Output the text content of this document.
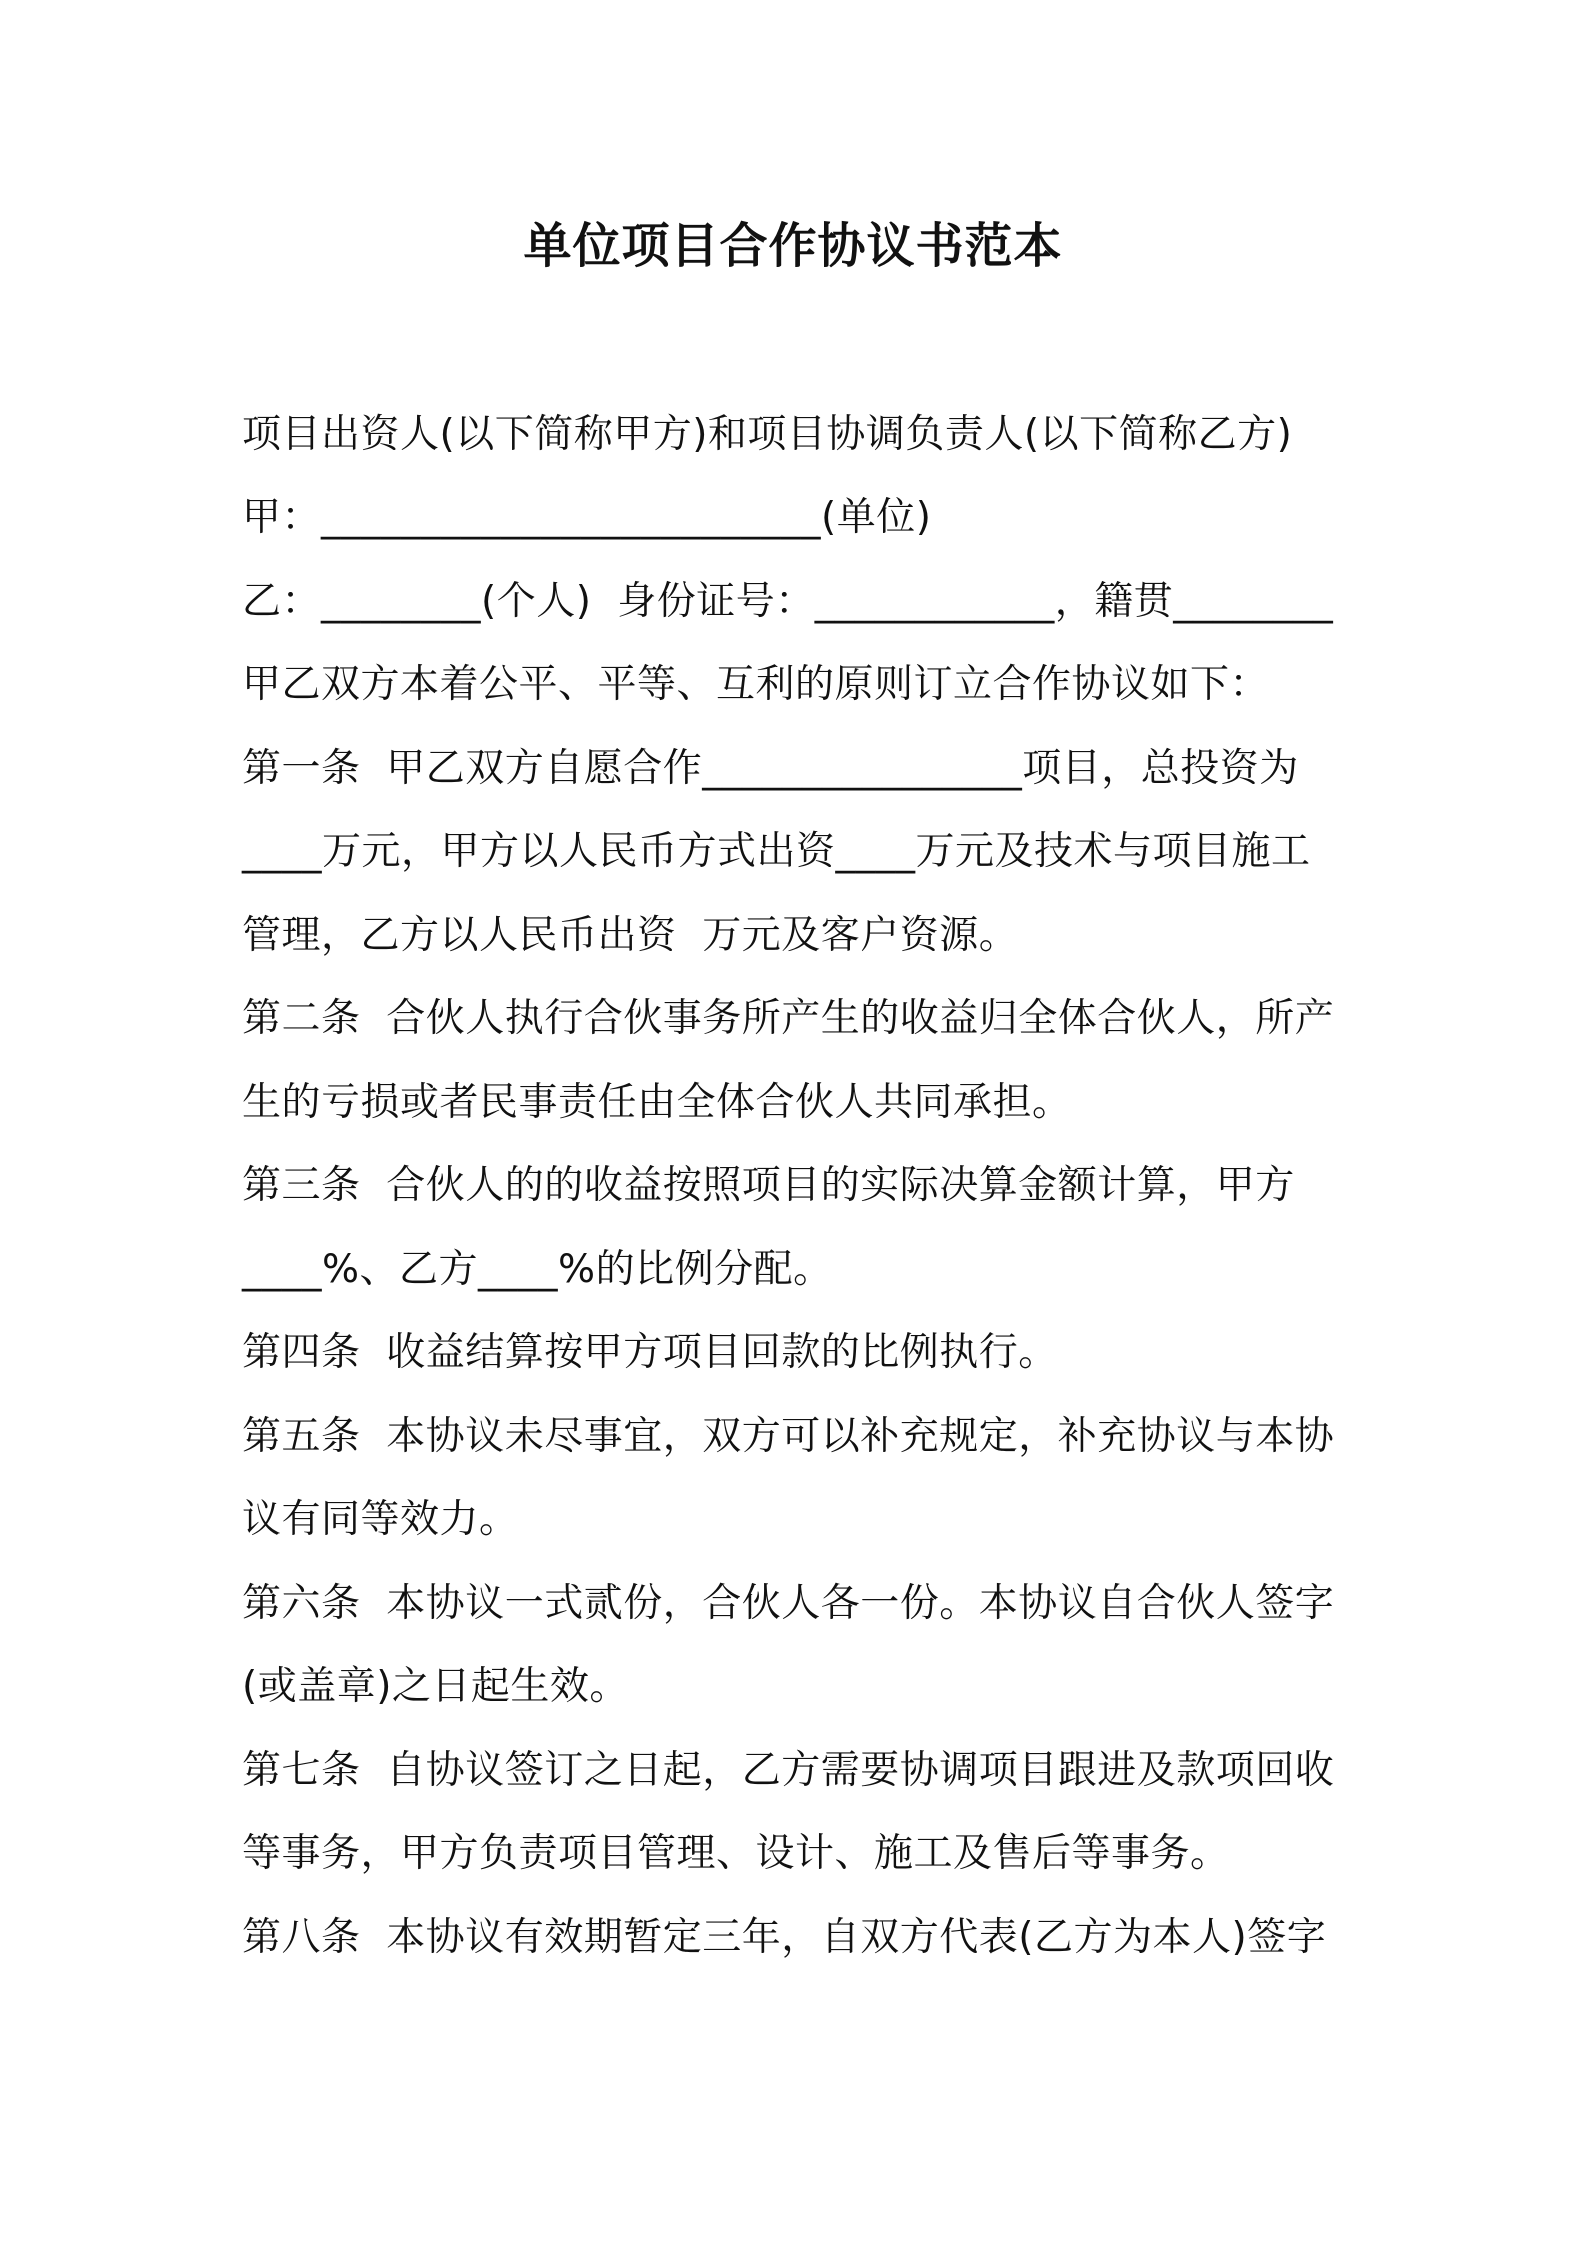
单位项目合作协议书范本
项目出资人(以下简称甲方)和项目协调负责人(以下简称乙方)
甲：_________________________(单位)
乙：________(个人)  身份证号：____________，籍贯________
甲乙双方本着公平、平等、互利的原则订立合作协议如下：
第一条  甲乙双方自愿合作________________项目，总投资为
____万元，甲方以人民币方式出资____万元及技术与项目施工
管理，乙方以人民币出资  万元及客户资源。
第二条  合伙人执行合伙事务所产生的收益归全体合伙人，所产
生的亏损或者民事责任由全体合伙人共同承担。
第三条  合伙人的的收益按照项目的实际决算金额计算，甲方
____%、乙方____%的比例分配。
第四条  收益结算按甲方项目回款的比例执行。
第五条  本协议未尽事宜，双方可以补充规定，补充协议与本协
议有同等效力。
第六条  本协议一式贰份，合伙人各一份。本协议自合伙人签字
(或盖章)之日起生效。
第七条  自协议签订之日起，乙方需要协调项目跟进及款项回收
等事务，甲方负责项目管理、设计、施工及售后等事务。
第八条  本协议有效期暂定三年，自双方代表(乙方为本人)签字
